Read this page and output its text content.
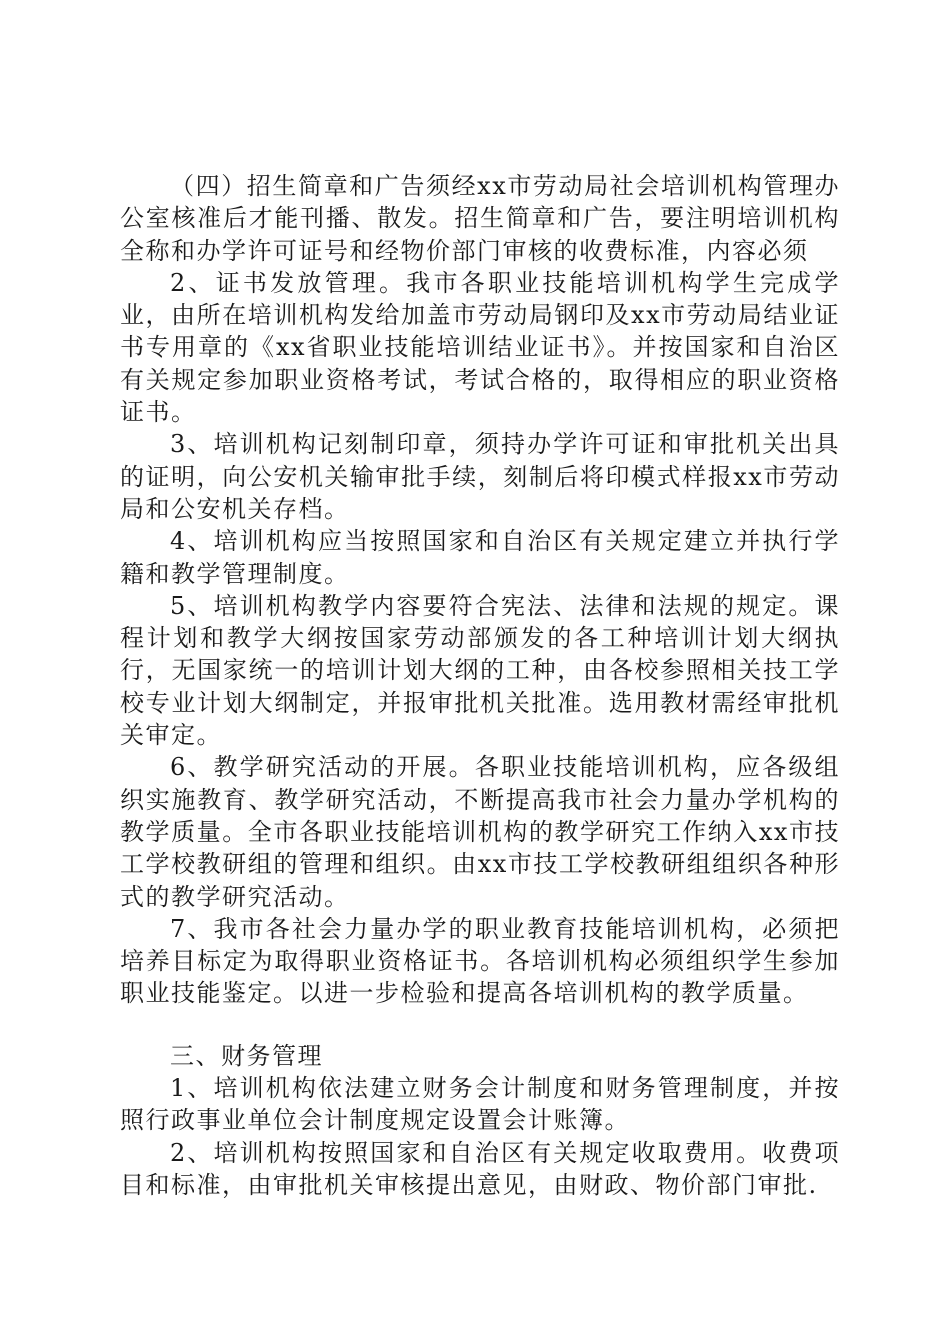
（四）招生简章和广告须经xx市劳动局社会培训机构管理办公室核准后才能刊播、散发。招生简章和广告，要注明培训机构全称和办学许可证号和经物价部门审核的收费标准，内容必须

2、证书发放管理。我市各职业技能培训机构学生完成学业，由所在培训机构发给加盖市劳动局钢印及xx市劳动局结业证书专用章的《xx省职业技能培训结业证书》。并按国家和自治区有关规定参加职业资格考试，考试合格的，取得相应的职业资格证书。

3、培训机构记刻制印章，须持办学许可证和审批机关出具的证明，向公安机关输审批手续，刻制后将印模式样报xx市劳动局和公安机关存档。

4、培训机构应当按照国家和自治区有关规定建立并执行学籍和教学管理制度。

5、培训机构教学内容要符合宪法、法律和法规的规定。课程计划和教学大纲按国家劳动部颁发的各工种培训计划大纲执行，无国家统一的培训计划大纲的工种，由各校参照相关技工学校专业计划大纲制定，并报审批机关批准。选用教材需经审批机关审定。

6、教学研究活动的开展。各职业技能培训机构，应各级组织实施教育、教学研究活动，不断提高我市社会力量办学机构的教学质量。全市各职业技能培训机构的教学研究工作纳入xx市技工学校教研组的管理和组织。由xx市技工学校教研组组织各种形式的教学研究活动。

7、我市各社会力量办学的职业教育技能培训机构，必须把培养目标定为取得职业资格证书。各培训机构必须组织学生参加职业技能鉴定。以进一步检验和提高各培训机构的教学质量。

三、财务管理

1、培训机构依法建立财务会计制度和财务管理制度，并按照行政事业单位会计制度规定设置会计账簿。

2、培训机构按照国家和自治区有关规定收取费用。收费项目和标准，由审批机关审核提出意见，由财政、物价部门审批.
